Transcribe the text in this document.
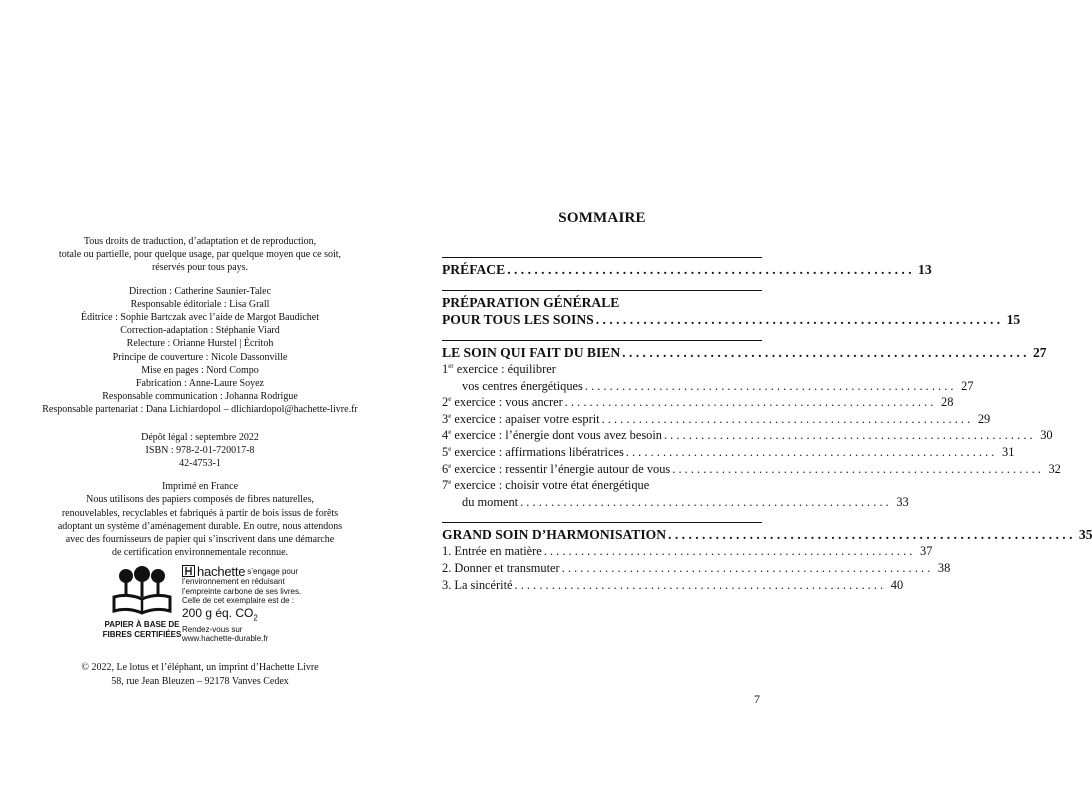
Tous droits de traduction, d’adaptation et de reproduction,

totale ou partielle, pour quelque usage, par quelque moyen que ce soit,

réservés pour tous pays.

Direction : Catherine Saunier-Talec

Responsable éditoriale : Lisa Grall

Éditrice : Sophie Bartczak avec l’aide de Margot Baudichet

Correction-adaptation : Stéphanie Viard

Relecture : Orianne Hurstel | Écritoh

Principe de couverture : Nicole Dassonville

Mise en pages : Nord Compo

Fabrication : Anne-Laure Soyez

Responsable communication : Johanna Rodrigue

Responsable partenariat : Dana Lichiardopol – dlichiardopol@hachette-livre.fr

Dépôt légal : septembre 2022

ISBN : 978-2-01-720017-8

42-4753-1

Imprimé en France

Nous utilisons des papiers composés de fibres naturelles,

renouvelables, recyclables et fabriqués à partir de bois issus de forêts

adoptant un système d’aménagement durable. En outre, nous attendons

avec des fournisseurs de papier qui s’inscrivent dans une démarche

de certification environnementale reconnue.

PAPIER À BASE DE
FIBRES CERTIFIÉES
hachette s’engage pour
l’environnement en réduisant
l’empreinte carbone de ses livres.
Celle de cet exemplaire est de :
200 g éq. $CO_2$
Rendez-vous sur
www.hachette-durable.fr

© 2022, Le lotus et l’éléphant, un imprint d’Hachette Livre

58, rue Jean Bleuzen – 92178 Vanves Cedex

SOMMAIRE
PRÉFACE . . . . . . . . . . . . . . . . . . . . . . . . . . . . . . . . . . . . . . . . . . . . . . . . . . . . . . . . . . . . 13
PRÉPARATION GÉNÉRALE
POUR TOUS LES SOINS . . . . . . . . . . . . . . . . . . . . . . . . . . . . . . . . . . . . . . . . . . . . . . . . . . . . . . . . . . . . 15
LE SOIN QUI FAIT DU BIEN . . . . . . . . . . . . . . . . . . . . . . . . . . . . . . . . . . . . . . . . . . . . . . . . . . . . . . . . . . . . 27
1er exercice : équilibrer
vos centres énergétiques . . . . . . . . . . . . . . . . . . . . . . . . . . . . . . . . . . . . . . . . . . . . . . . . . . . . . . . . . . . . 27
2e exercice : vous ancrer . . . . . . . . . . . . . . . . . . . . . . . . . . . . . . . . . . . . . . . . . . . . . . . . . . . . . . . . . . . . 28
3e exercice : apaiser votre esprit . . . . . . . . . . . . . . . . . . . . . . . . . . . . . . . . . . . . . . . . . . . . . . . . . . . . . . . . . . . . 29
4e exercice : l’énergie dont vous avez besoin . . . . . . . . . . . . . . . . . . . . . . . . . . . . . . . . . . . . . . . . . . . . . . . . . . . . . . . . . . . . 30
5e exercice : affirmations libératrices . . . . . . . . . . . . . . . . . . . . . . . . . . . . . . . . . . . . . . . . . . . . . . . . . . . . . . . . . . . . 31
6e exercice : ressentir l’énergie autour de vous . . . . . . . . . . . . . . . . . . . . . . . . . . . . . . . . . . . . . . . . . . . . . . . . . . . . . . . . . . . . 32
7e exercice : choisir votre état énergétique
du moment . . . . . . . . . . . . . . . . . . . . . . . . . . . . . . . . . . . . . . . . . . . . . . . . . . . . . . . . . . . . 33
GRAND SOIN D’HARMONISATION . . . . . . . . . . . . . . . . . . . . . . . . . . . . . . . . . . . . . . . . . . . . . . . . . . . . . . . . . . . . 35
1. Entrée en matière . . . . . . . . . . . . . . . . . . . . . . . . . . . . . . . . . . . . . . . . . . . . . . . . . . . . . . . . . . . . 37
2. Donner et transmuter . . . . . . . . . . . . . . . . . . . . . . . . . . . . . . . . . . . . . . . . . . . . . . . . . . . . . . . . . . . . 38
3. La sincérité . . . . . . . . . . . . . . . . . . . . . . . . . . . . . . . . . . . . . . . . . . . . . . . . . . . . . . . . . . . . 40
7
